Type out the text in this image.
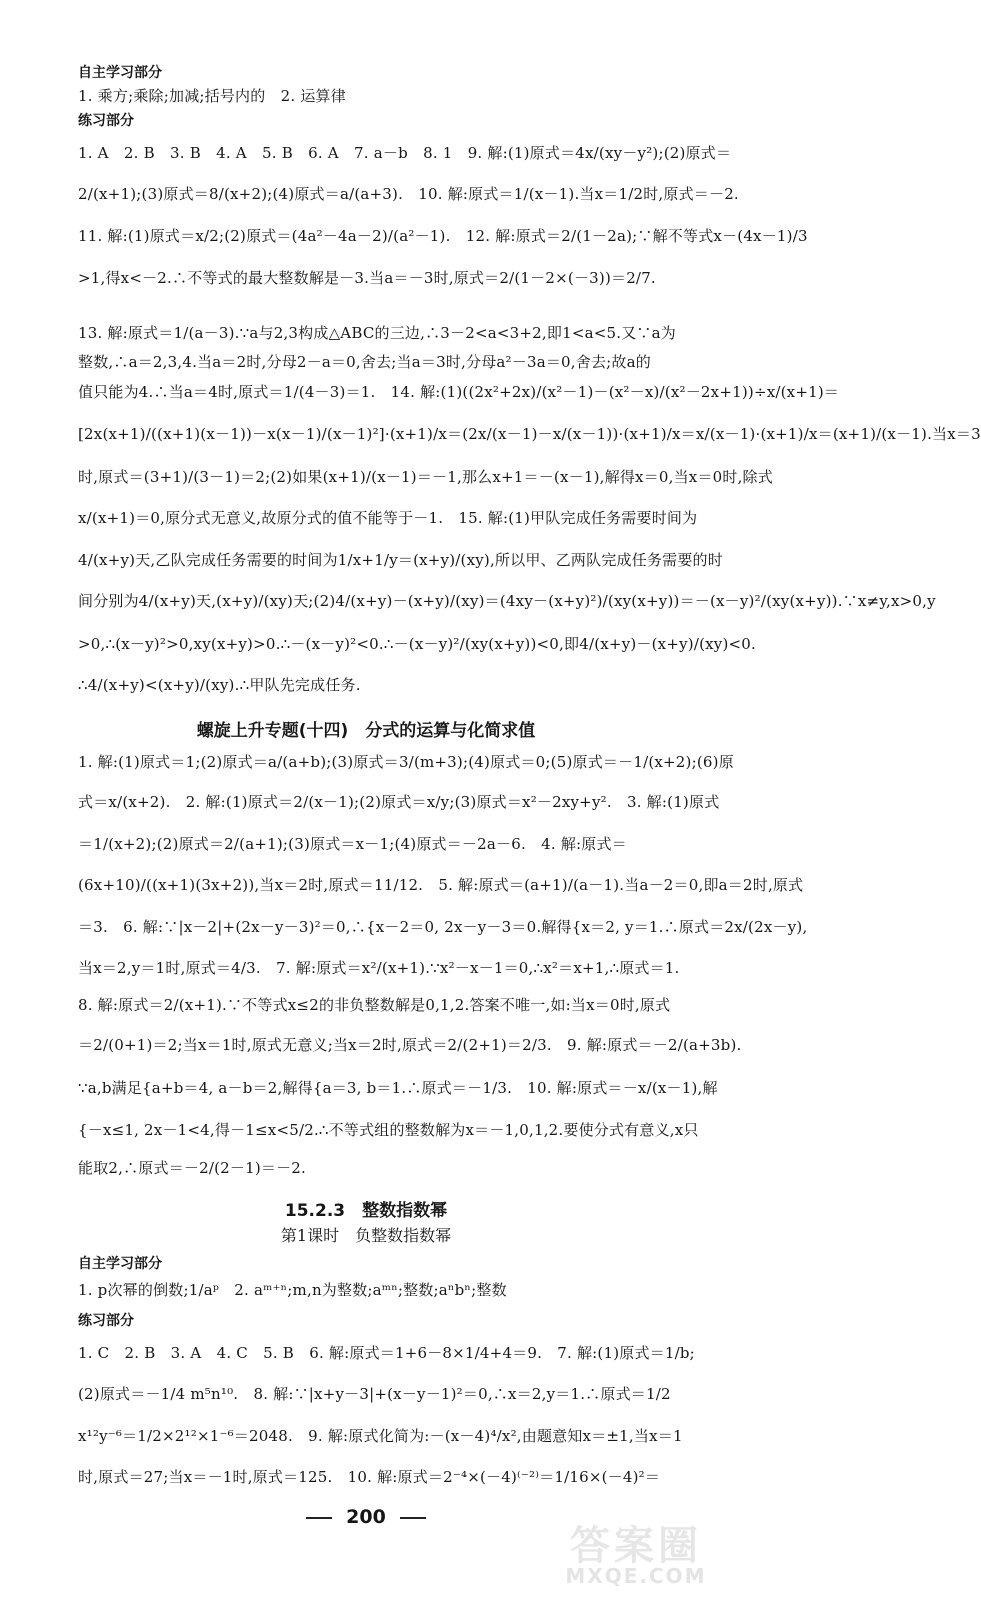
自主学习部分
1. 乘方;乘除;加减;括号内的　2. 运算律
练习部分
1. A　2. B　3. B　4. A　5. B　6. A　7. a－b　8. 1　9. 解:(1)原式＝4x/(xy－y²);(2)原式＝
2/(x+1);(3)原式＝8/(x+2);(4)原式＝a/(a+3).　10. 解:原式＝1/(x－1).当x＝1/2时,原式＝－2.
11. 解:(1)原式＝x/2;(2)原式＝(4a²－4a－2)/(a²－1).　12. 解:原式＝2/(1－2a);∵解不等式x－(4x－1)/3
>1,得x<－2.∴不等式的最大整数解是－3.当a＝－3时,原式＝2/(1－2×(－3))＝2/7.
13. 解:原式＝1/(a－3).∵a与2,3构成△ABC的三边,∴3－2<a<3+2,即1<a<5.又∵a为
整数,∴a＝2,3,4.当a＝2时,分母2－a＝0,舍去;当a＝3时,分母a²－3a＝0,舍去;故a的
值只能为4.∴当a＝4时,原式＝1/(4－3)＝1.　14. 解:(1)((2x²+2x)/(x²－1)－(x²－x)/(x²－2x+1))÷x/(x+1)＝
[2x(x+1)/((x+1)(x－1))－x(x－1)/(x－1)²]·(x+1)/x＝(2x/(x－1)－x/(x－1))·(x+1)/x＝x/(x－1)·(x+1)/x＝(x+1)/(x－1).当x＝3
时,原式＝(3+1)/(3－1)＝2;(2)如果(x+1)/(x－1)＝－1,那么x+1＝－(x－1),解得x＝0,当x＝0时,除式
x/(x+1)＝0,原分式无意义,故原分式的值不能等于－1.　15. 解:(1)甲队完成任务需要时间为
4/(x+y)天,乙队完成任务需要的时间为1/x+1/y＝(x+y)/(xy),所以甲、乙两队完成任务需要的时
间分别为4/(x+y)天,(x+y)/(xy)天;(2)4/(x+y)－(x+y)/(xy)＝(4xy－(x+y)²)/(xy(x+y))＝－(x－y)²/(xy(x+y)).∵x≠y,x>0,y
>0,∴(x－y)²>0,xy(x+y)>0.∴－(x－y)²<0.∴－(x－y)²/(xy(x+y))<0,即4/(x+y)－(x+y)/(xy)<0.
∴4/(x+y)<(x+y)/(xy).∴甲队先完成任务.
螺旋上升专题(十四)　分式的运算与化简求值
1. 解:(1)原式＝1;(2)原式＝a/(a+b);(3)原式＝3/(m+3);(4)原式＝0;(5)原式＝－1/(x+2);(6)原
式＝x/(x+2).　2. 解:(1)原式＝2/(x－1);(2)原式＝x/y;(3)原式＝x²－2xy+y².　3. 解:(1)原式
＝1/(x+2);(2)原式＝2/(a+1);(3)原式＝x－1;(4)原式＝－2a－6.　4. 解:原式＝
(6x+10)/((x+1)(3x+2)),当x＝2时,原式＝11/12.　5. 解:原式＝(a+1)/(a－1).当a－2＝0,即a＝2时,原式
＝3.　6. 解:∵|x－2|+(2x－y－3)²＝0,∴{x－2＝0, 2x－y－3＝0.解得{x＝2, y＝1.∴原式＝2x/(2x－y),
当x＝2,y＝1时,原式＝4/3.　7. 解:原式＝x²/(x+1).∵x²－x－1＝0,∴x²＝x+1,∴原式＝1.
8. 解:原式＝2/(x+1).∵不等式x≤2的非负整数解是0,1,2.答案不唯一,如:当x＝0时,原式
＝2/(0+1)＝2;当x＝1时,原式无意义;当x＝2时,原式＝2/(2+1)＝2/3.　9. 解:原式＝－2/(a+3b).
∵a,b满足{a+b＝4, a－b＝2,解得{a＝3, b＝1.∴原式＝－1/3.　10. 解:原式＝－x/(x－1),解
{－x≤1, 2x－1<4,得－1≤x<5/2.∴不等式组的整数解为x＝－1,0,1,2.要使分式有意义,x只
能取2,∴原式＝－2/(2－1)＝－2.
15.2.3　整数指数幂
第1课时　负整数指数幂
自主学习部分
1. p次幂的倒数;1/aᵖ　2. aᵐ⁺ⁿ;m,n为整数;aᵐⁿ;整数;aⁿbⁿ;整数
练习部分
1. C　2. B　3. A　4. C　5. B　6. 解:原式＝1+6－8×1/4+4＝9.　7. 解:(1)原式＝1/b;
(2)原式＝－1/4 m⁵n¹⁰.　8. 解:∵|x+y－3|+(x－y－1)²＝0,∴x＝2,y＝1.∴原式＝1/2
x¹²y⁻⁶＝1/2×2¹²×1⁻⁶＝2048.　9. 解:原式化简为:－(x－4)⁴/x²,由题意知x＝±1,当x＝1
时,原式＝27;当x＝－1时,原式＝125.　10. 解:原式＝2⁻⁴×(－4)⁽⁻²⁾＝1/16×(－4)²＝
200
答案圈
MXQE.COM
